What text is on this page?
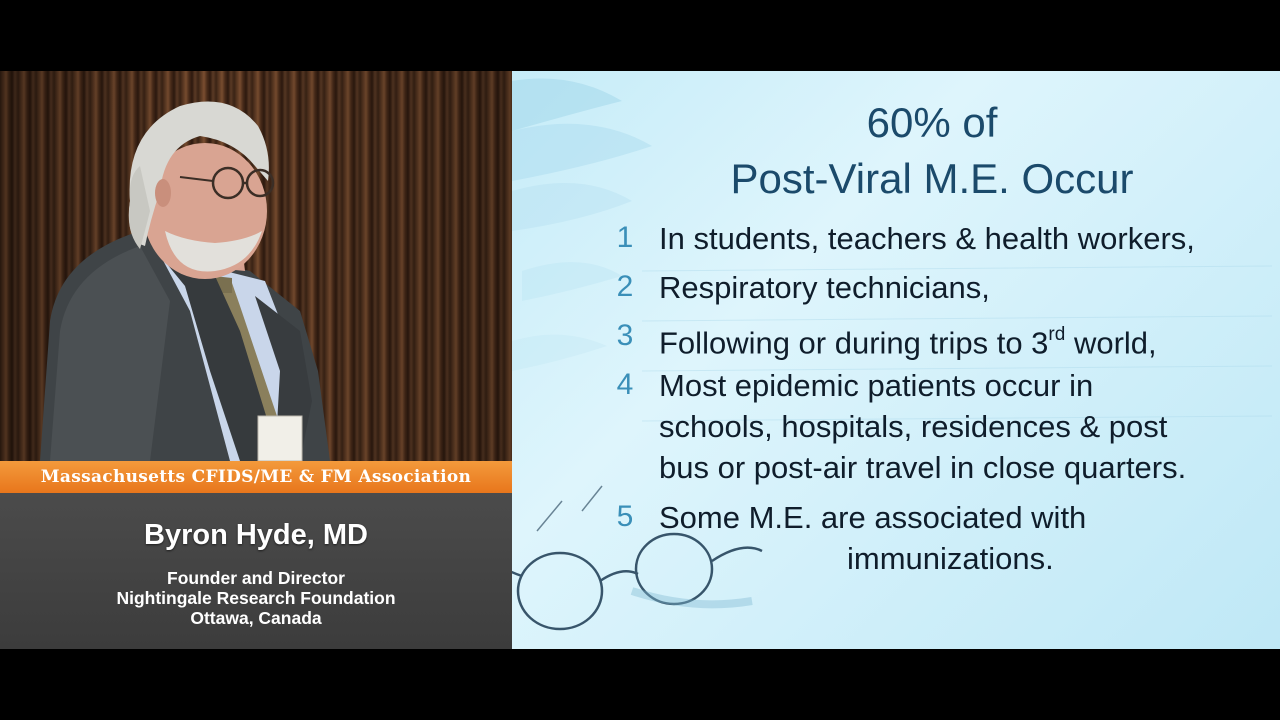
Massachusetts CFIDS/ME & FM Association
Byron Hyde, MD
Founder and Director
Nightingale Research Foundation
Ottawa, Canada
60% of
Post-Viral M.E. Occur
1 In students, teachers & health workers,
2 Respiratory technicians,
3 Following or during trips to 3rd world,
4 Most epidemic patients occur in
schools, hospitals, residences & post
bus or post-air travel in close quarters.
5 Some M.E. are associated with
immunizations.
